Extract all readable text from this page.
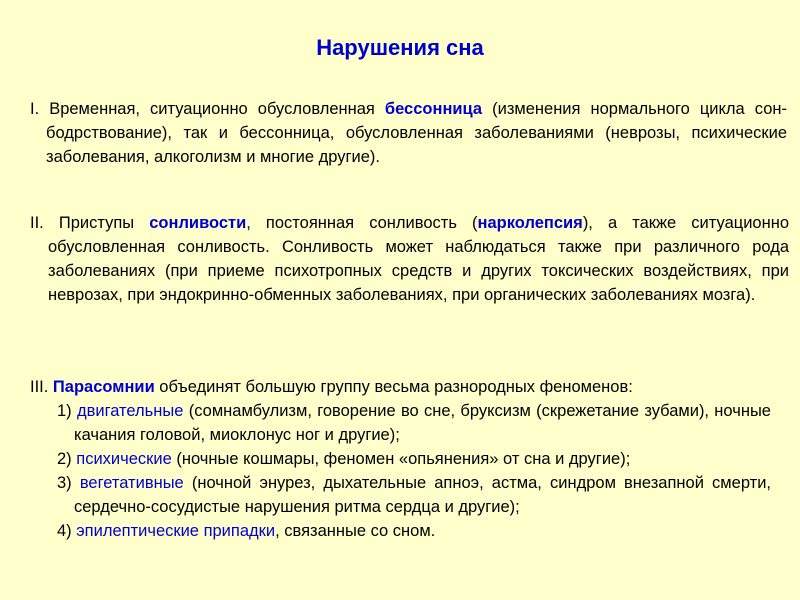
Нарушения сна
I. Временная, ситуационно обусловленная бессонница (изменения нормального цикла сон-бодрствование), так и бессонница, обусловленная заболеваниями (неврозы, психические заболевания, алкоголизм и многие другие).
II. Приступы сонливости, постоянная сонливость (нарколепсия), а также ситуационно обусловленная сонливость. Сонливость может наблюдаться также при различного рода заболеваниях (при приеме психотропных средств и других токсических воздействиях, при неврозах, при эндокринно-обменных заболеваниях, при органических заболеваниях мозга).
III. Парасомнии объединят большую группу весьма разнородных феноменов:
1) двигательные (сомнамбулизм, говорение во сне, бруксизм (скрежетание зубами), ночные качания головой, миоклонус ног и другие);
2) психические (ночные кошмары, феномен «опьянения» от сна и другие);
3) вегетативные (ночной энурез, дыхательные апноэ, астма, синдром внезапной смерти, сердечно-сосудистые нарушения ритма сердца и другие);
4) эпилептические припадки, связанные со сном.
